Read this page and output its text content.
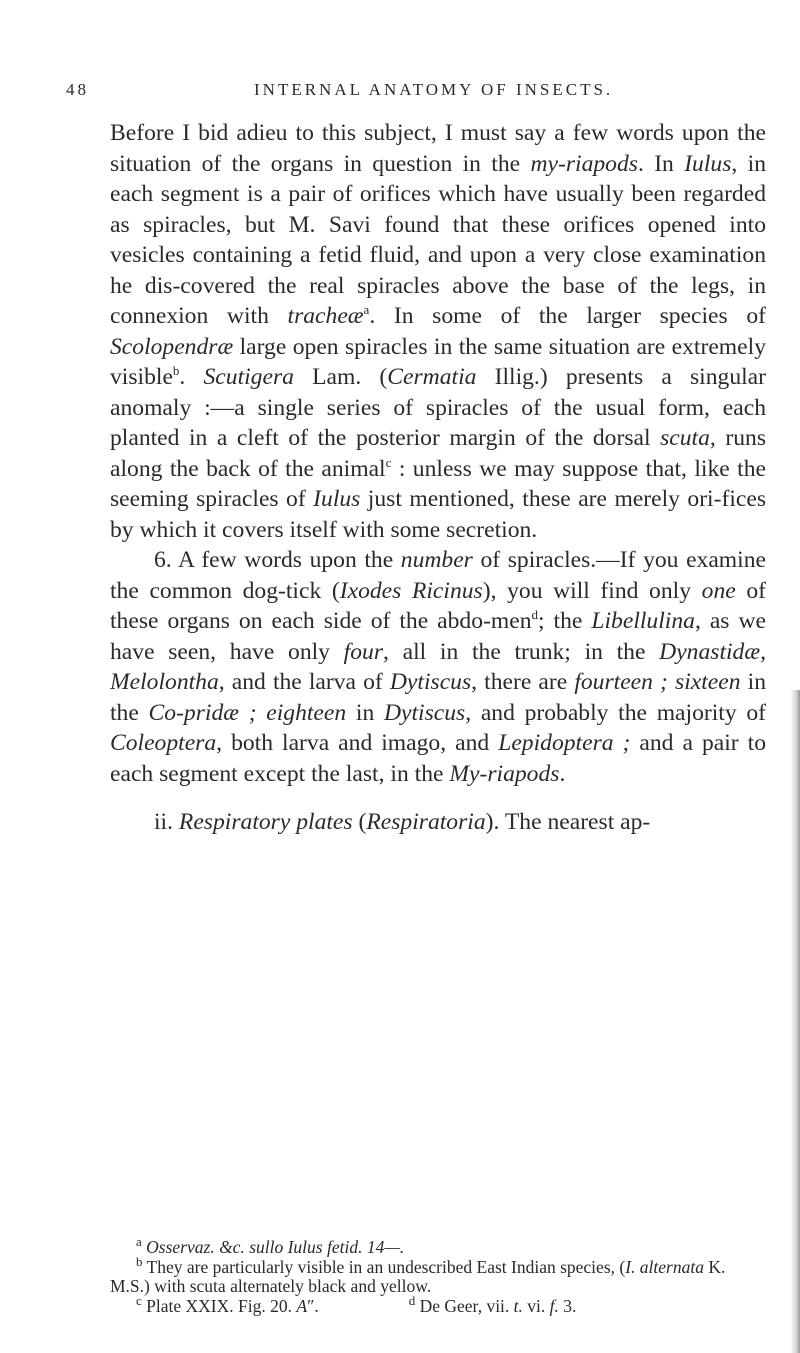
48	INTERNAL ANATOMY OF INSECTS.

Before I bid adieu to this subject, I must say a few words upon the situation of the organs in question in the my-riapods. In Iulus, in each segment is a pair of orifices which have usually been regarded as spiracles, but M. Savi found that these orifices opened into vesicles containing a fetid fluid, and upon a very close examination he dis-covered the real spiracles above the base of the legs, in connexion with tracheæ$^a$. In some of the larger species of Scolopendræ large open spiracles in the same situation are extremely visible$^b$. Scutigera Lam. (Cermatia Illig.) presents a singular anomaly :—a single series of spiracles of the usual form, each planted in a cleft of the posterior margin of the dorsal scuta, runs along the back of the animal$^c$ : unless we may suppose that, like the seeming spiracles of Iulus just mentioned, these are merely ori-fices by which it covers itself with some secretion.

6. A few words upon the number of spiracles.—If you examine the common dog-tick (Ixodes Ricinus), you will find only one of these organs on each side of the abdo-men$^d$; the Libellulina, as we have seen, have only four, all in the trunk; in the Dynastidæ, Melolontha, and the larva of Dytiscus, there are fourteen ; sixteen in the Co-pridæ ; eighteen in Dytiscus, and probably the majority of Coleoptera, both larva and imago, and Lepidoptera ; and a pair to each segment except the last, in the My-riapods.

ii. Respiratory plates (Respiratoria). The nearest ap-

$^a$ Osservaz. &c. sullo Iulus fetid. 14—.

$^b$ They are particularly visible in an undescribed East Indian species, (I. alternata K. M.S.) with scuta alternately black and yellow.

$^c$ Plate XXIX. Fig. 20. A″.	$^d$ De Geer, vii. t. vi. f. 3.
